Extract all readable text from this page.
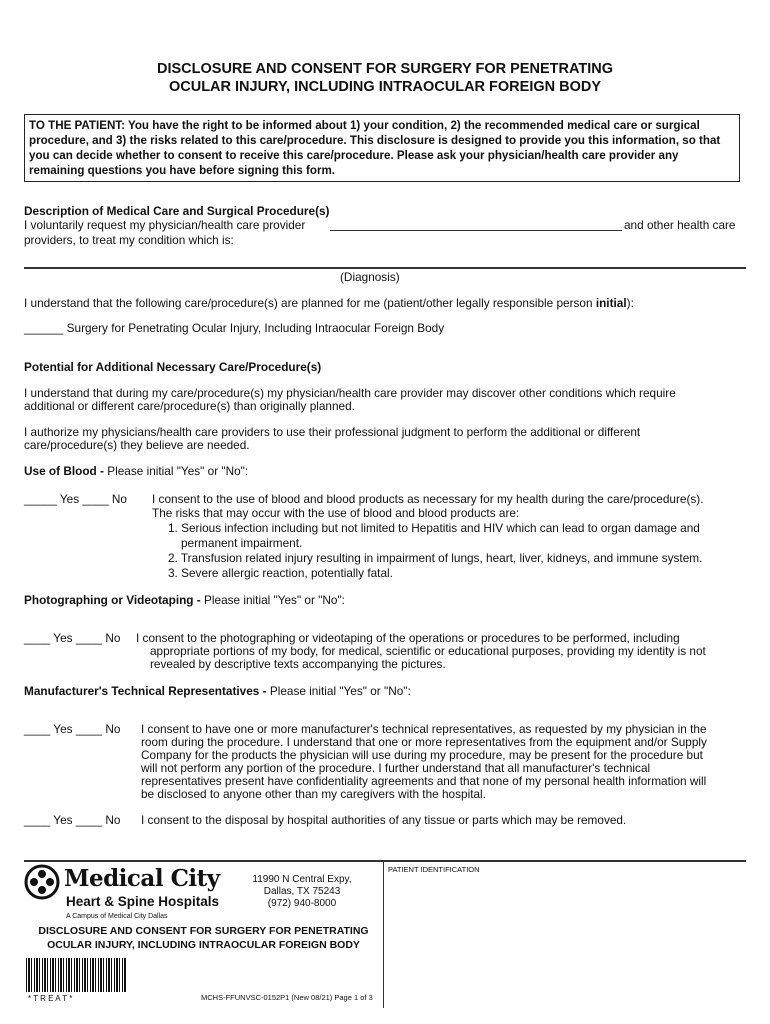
DISCLOSURE AND CONSENT FOR SURGERY FOR PENETRATING
OCULAR INJURY, INCLUDING INTRAOCULAR FOREIGN BODY
TO THE PATIENT: You have the right to be informed about 1) your condition, 2) the recommended medical care or surgical procedure, and 3) the risks related to this care/procedure. This disclosure is designed to provide you this information, so that you can decide whether to consent to receive this care/procedure. Please ask your physician/health care provider any remaining questions you have before signing this form.
Description of Medical Care and Surgical Procedure(s)
I voluntarily request my physician/health care provider	and other health care
providers, to treat my condition which is:
(Diagnosis)
I understand that the following care/procedure(s) are planned for me (patient/other legally responsible person initial):
______ Surgery for Penetrating Ocular Injury, Including Intraocular Foreign Body
Potential for Additional Necessary Care/Procedure(s)
I understand that during my care/procedure(s) my physician/health care provider may discover other conditions which require
additional or different care/procedure(s) than originally planned.
I authorize my physicians/health care providers to use their professional judgment to perform the additional or different
care/procedure(s) they believe are needed.
Use of Blood - Please initial "Yes" or "No":
_____ Yes ____ No I consent to the use of blood and blood products as necessary for my health during the care/procedure(s).
The risks that may occur with the use of blood and blood products are:
1. Serious infection including but not limited to Hepatitis and HIV which can lead to organ damage and
permanent impairment.
2. Transfusion related injury resulting in impairment of lungs, heart, liver, kidneys, and immune system.
3. Severe allergic reaction, potentially fatal.
Photographing or Videotaping - Please initial "Yes" or "No":
____ Yes ____ No I consent to the photographing or videotaping of the operations or procedures to be performed, including
appropriate portions of my body, for medical, scientific or educational purposes, providing my identity is not
revealed by descriptive texts accompanying the pictures.
Manufacturer's Technical Representatives - Please initial "Yes" or "No":
____ Yes ____ No I consent to have one or more manufacturer's technical representatives, as requested by my physician in the
room during the procedure. I understand that one or more representatives from the equipment and/or Supply
Company for the products the physician will use during my procedure, may be present for the procedure but
will not perform any portion of the procedure. I further understand that all manufacturer's technical
representatives present have confidentiality agreements and that none of my personal health information will
be disclosed to anyone other than my caregivers with the hospital.
____ Yes ____ No I consent to the disposal by hospital authorities of any tissue or parts which may be removed.
Medical City
Heart & Spine Hospitals
A Campus of Medical City Dallas
11990 N Central Expy,
Dallas, TX 75243
(972) 940-8000
PATIENT IDENTIFICATION
DISCLOSURE AND CONSENT FOR SURGERY FOR PENETRATING
OCULAR INJURY, INCLUDING INTRAOCULAR FOREIGN BODY
* T R E A T *	MCHS-FFUNVSC-0152P1 (New 08/21) Page 1 of 3
